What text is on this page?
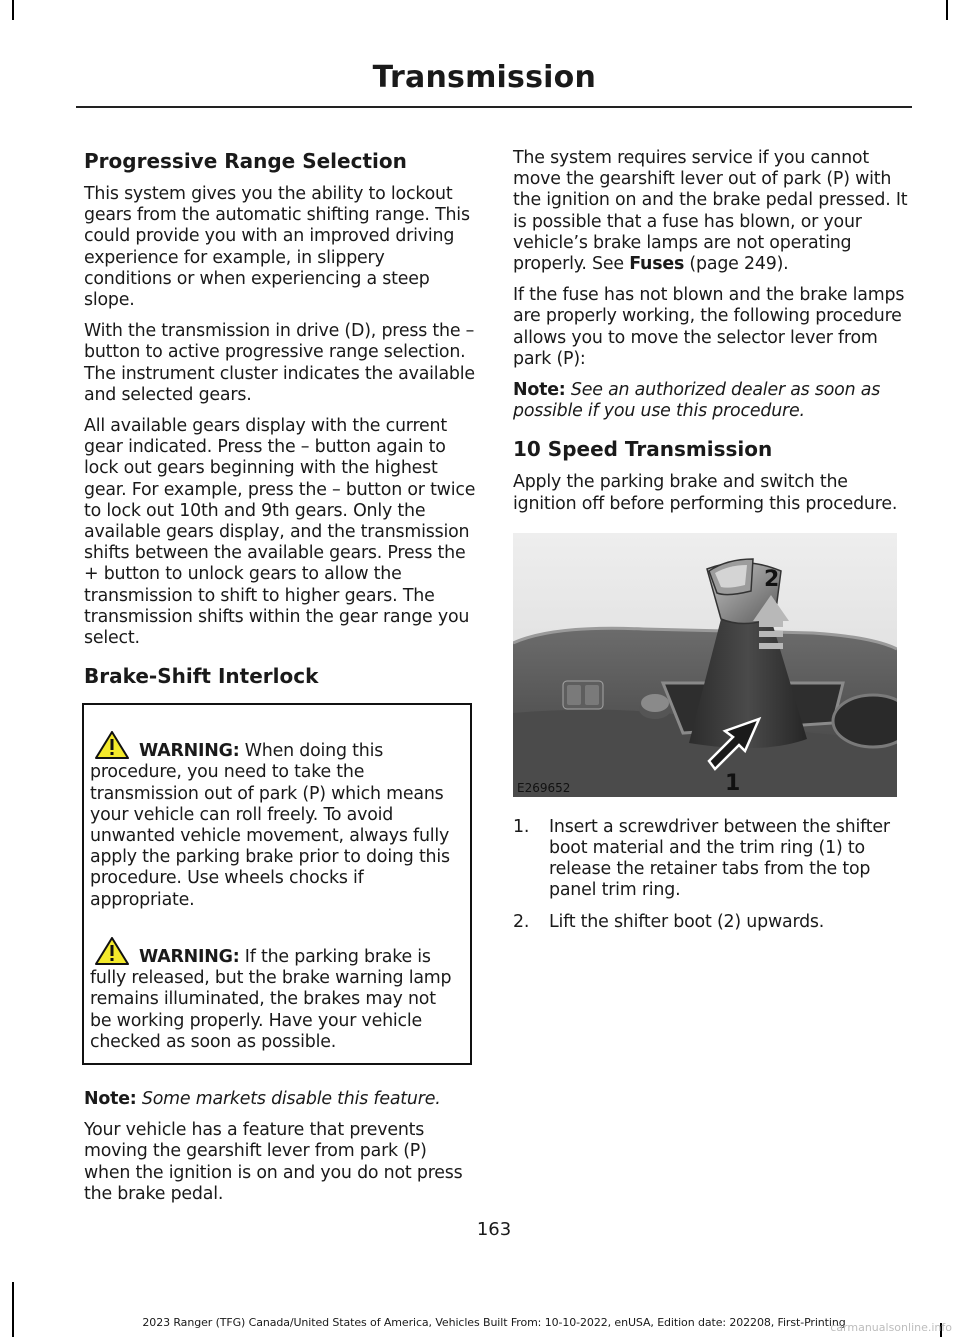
Transmission
Progressive Range Selection

This system gives you the ability to lockout gears from the automatic shifting range. This could provide you with an improved driving experience for example, in slippery conditions or when experiencing a steep slope.

With the transmission in drive (D), press the – button to active progressive range selection. The instrument cluster indicates the available and selected gears.

All available gears display with the current gear indicated. Press the – button again to lock out gears beginning with the highest gear. For example, press the – button or twice to lock out 10th and 9th gears. Only the available gears display, and the transmission shifts between the available gears. Press the + button to unlock gears to allow the transmission to shift to higher gears. The transmission shifts within the gear range you select.

Brake-Shift Interlock

WARNING: When doing this procedure, you need to take the transmission out of park (P) which means your vehicle can roll freely. To avoid unwanted vehicle movement, always fully apply the parking brake prior to doing this procedure. Use wheels chocks if appropriate.

WARNING: If the parking brake is fully released, but the brake warning lamp remains illuminated, the brakes may not be working properly. Have your vehicle checked as soon as possible.

Note: Some markets disable this feature.

Your vehicle has a feature that prevents moving the gearshift lever from park (P) when the ignition is on and you do not press the brake pedal.

The system requires service if you cannot move the gearshift lever out of park (P) with the ignition on and the brake pedal pressed. It is possible that a fuse has blown, or your vehicle’s brake lamps are not operating properly. See Fuses (page 249).

If the fuse has not blown and the brake lamps are properly working, the following procedure allows you to move the selector lever from park (P):

Note: See an authorized dealer as soon as possible if you use this procedure.

10 Speed Transmission

Apply the parking brake and switch the ignition off before performing this procedure.

2
1
E269652
1. Insert a screwdriver between the shifter boot material and the trim ring (1) to release the retainer tabs from the top panel trim ring.
2. Lift the shifter boot (2) upwards.
163
2023 Ranger (TFG) Canada/United States of America, Vehicles Built From: 10-10-2022, enUSA, Edition date: 202208, First-Printing
carmanualsonline.info
